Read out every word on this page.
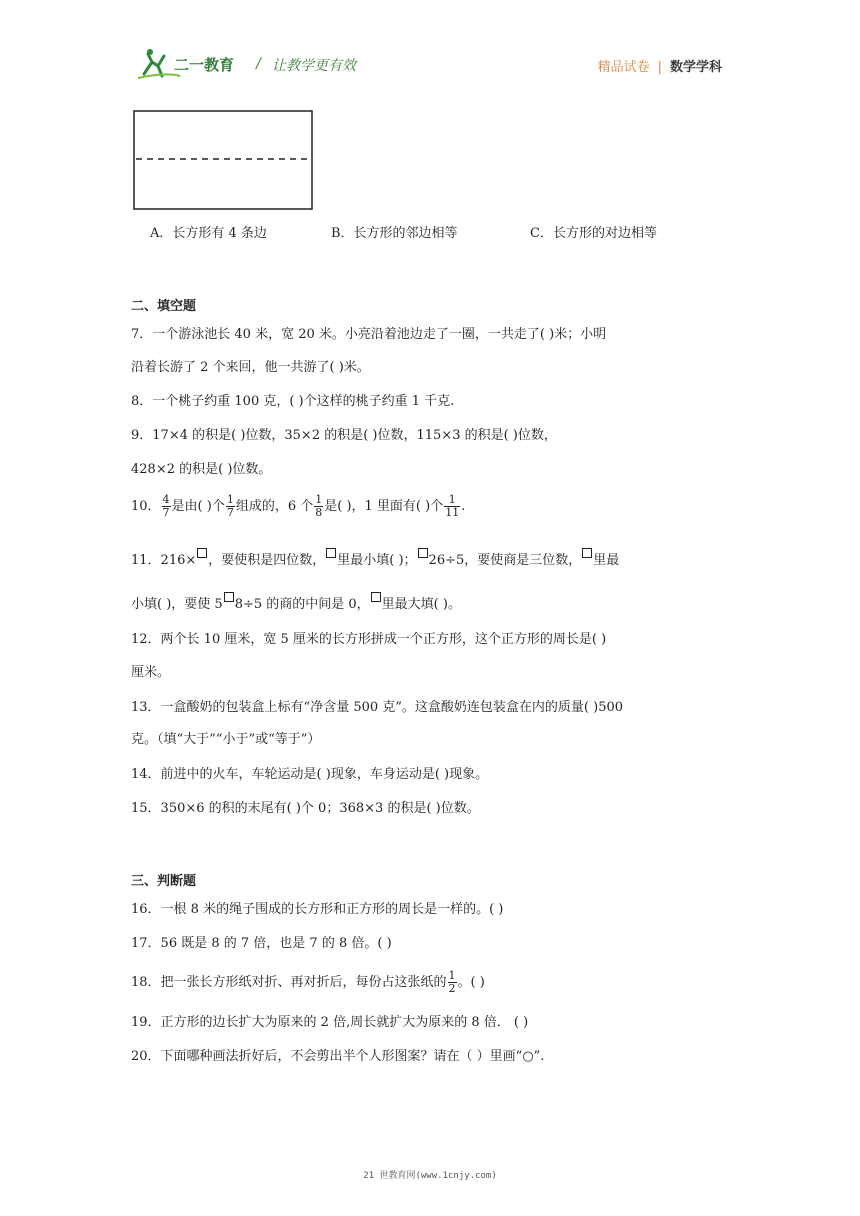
二一教育 / 让教学更有效	精品试卷 | 数学学科
A．长方形有 4 条边	B．长方形的邻边相等	C．长方形的对边相等
二、填空题
7．一个游泳池长 40 米，宽 20 米。小亮沿着池边走了一圈，一共走了( )米；小明
沿着长游了 2 个来回，他一共游了( )米。
8．一个桃子约重 100 克，( )个这样的桃子约重 1 千克.
9．17×4 的积是( )位数，35×2 的积是( )位数，115×3 的积是( )位数，
428×2 的积是( )位数。
10． $\frac{4}{7}$ 是由( )个 $\frac{1}{7}$ 组成的，6 个 $\frac{1}{8}$ 是( )，1 里面有( )个 $\frac{1}{11}$ .
11．216× ，要使积是四位数， 里最小填( )； 26÷5，要使商是三位数， 里最
小填( )，要使 5 8÷5 的商的中间是 0， 里最大填( )。
12．两个长 10 厘米，宽 5 厘米的长方形拼成一个正方形，这个正方形的周长是( )
厘米。
13．一盒酸奶的包装盒上标有“净含量 500 克”。这盒酸奶连包装盒在内的质量( )500
克。（填“大于”“小于”或“等于”）
14．前进中的火车，车轮运动是( )现象，车身运动是( )现象。
15．350×6 的积的末尾有( )个 0；368×3 的积是( )位数。
三、判断题
16．一根 8 米的绳子围成的长方形和正方形的周长是一样的。( )
17．56 既是 8 的 7 倍，也是 7 的 8 倍。( )
18．把一张长方形纸对折、再对折后，每份占这张纸的 $\frac{1}{2}$ 。( )
19．正方形的边长扩大为原来的 2 倍,周长就扩大为原来的 8 倍． ( )
20．下面哪种画法折好后，不会剪出半个人形图案？请在（ ）里画“○”.
21 世教育网(www.1cnjy.com)
